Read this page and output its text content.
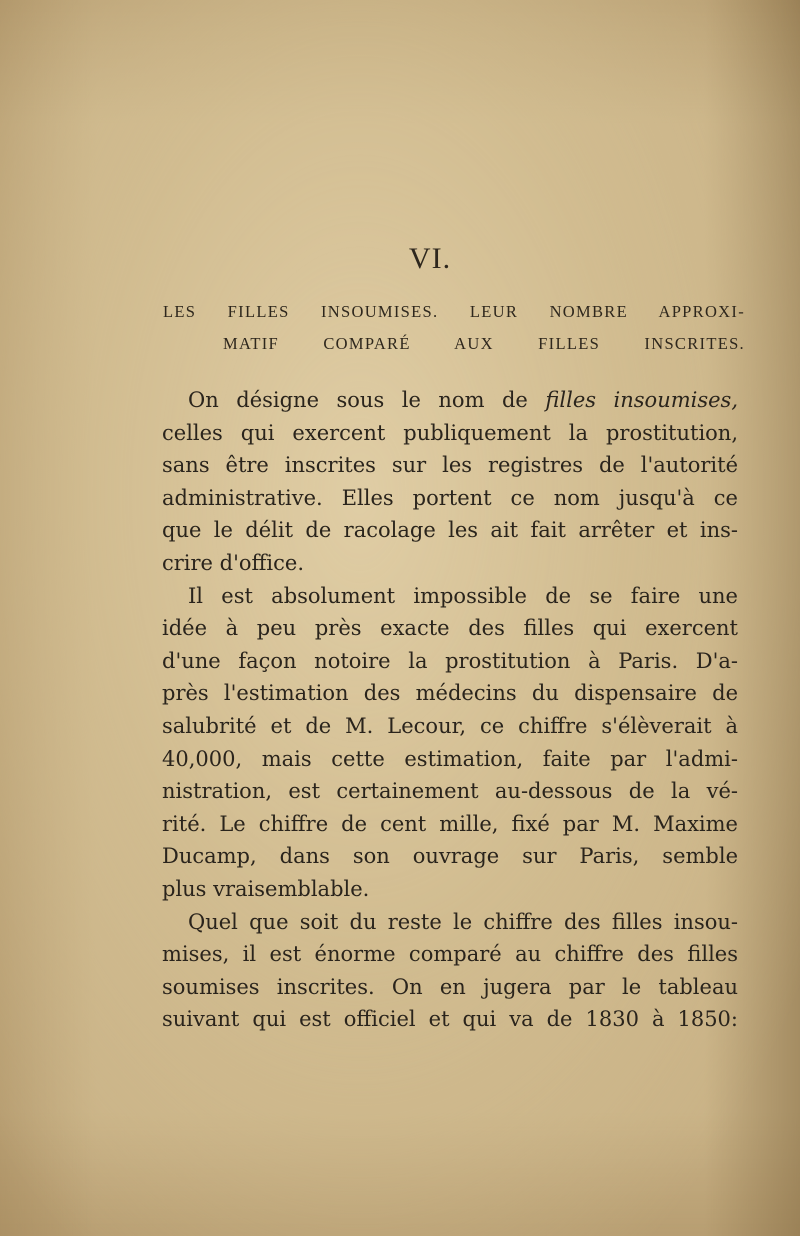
VI.
LES FILLES INSOUMISES. LEUR NOMBRE APPROXI-
MATIF COMPARÉ AUX FILLES INSCRITES.
On désigne sous le nom de filles insoumises,
celles qui exercent publiquement la prostitution,
sans être inscrites sur les registres de l'autorité
administrative. Elles portent ce nom jusqu'à ce
que le délit de racolage les ait fait arrêter et ins-
crire d'office.
Il est absolument impossible de se faire une
idée à peu près exacte des filles qui exercent
d'une façon notoire la prostitution à Paris. D'a-
près l'estimation des médecins du dispensaire de
salubrité et de M. Lecour, ce chiffre s'élèverait à
40,000, mais cette estimation, faite par l'admi-
nistration, est certainement au-dessous de la vé-
rité. Le chiffre de cent mille, fixé par M. Maxime
Ducamp, dans son ouvrage sur Paris, semble
plus vraisemblable.
Quel que soit du reste le chiffre des filles insou-
mises, il est énorme comparé au chiffre des filles
soumises inscrites. On en jugera par le tableau
suivant qui est officiel et qui va de 1830 à 1850:
